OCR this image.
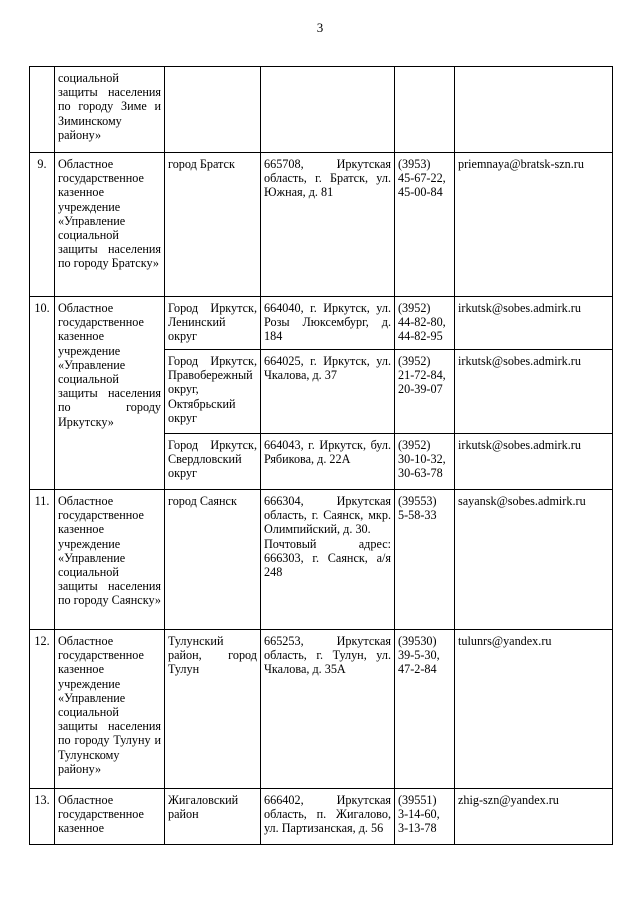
3
	социальной защиты населения по городу Зиме и Зиминскому району»				
9.	Областное государственное казенное учреждение «Управление социальной защиты населения по городу Братску»	город Братск	665708, Иркутская область, г. Братск, ул. Южная, д. 81	(3953)
45-67-22,
45-00-84	priemnaya@bratsk-szn.ru
10.	Областное государственное казенное учреждение «Управление социальной защиты населения по городу Иркутску»	Город Иркутск, Ленинский округ	664040, г. Иркутск, ул. Розы Люксембург, д. 184	(3952)
44-82-80,
44-82-95	irkutsk@sobes.admirk.ru
		Город Иркутск, Правобережный округ, Октябрьский округ	664025, г. Иркутск, ул. Чкалова, д. 37	(3952)
21-72-84,
20-39-07	irkutsk@sobes.admirk.ru
		Город Иркутск, Свердловский округ	664043, г. Иркутск, бул. Рябикова, д. 22А	(3952)
30-10-32,
30-63-78	irkutsk@sobes.admirk.ru
11.	Областное государственное казенное учреждение «Управление социальной защиты населения по городу Саянску»	город Саянск	666304, Иркутская область, г. Саянск, мкр. Олимпийский, д. 30.
Почтовый адрес: 666303, г. Саянск, а/я 248	(39553)
5-58-33	sayansk@sobes.admirk.ru
12.	Областное государственное казенное учреждение «Управление социальной защиты населения по городу Тулуну и Тулунскому району»	Тулунский район, город Тулун	665253, Иркутская область, г. Тулун, ул. Чкалова, д. 35А	(39530)
39-5-30,
47-2-84	tulunrs@yandex.ru
13.	Областное государственное казенное	Жигаловский район	666402, Иркутская область, п. Жигалово, ул. Партизанская, д. 56	(39551)
3-14-60,
3-13-78	zhig-szn@yandex.ru
